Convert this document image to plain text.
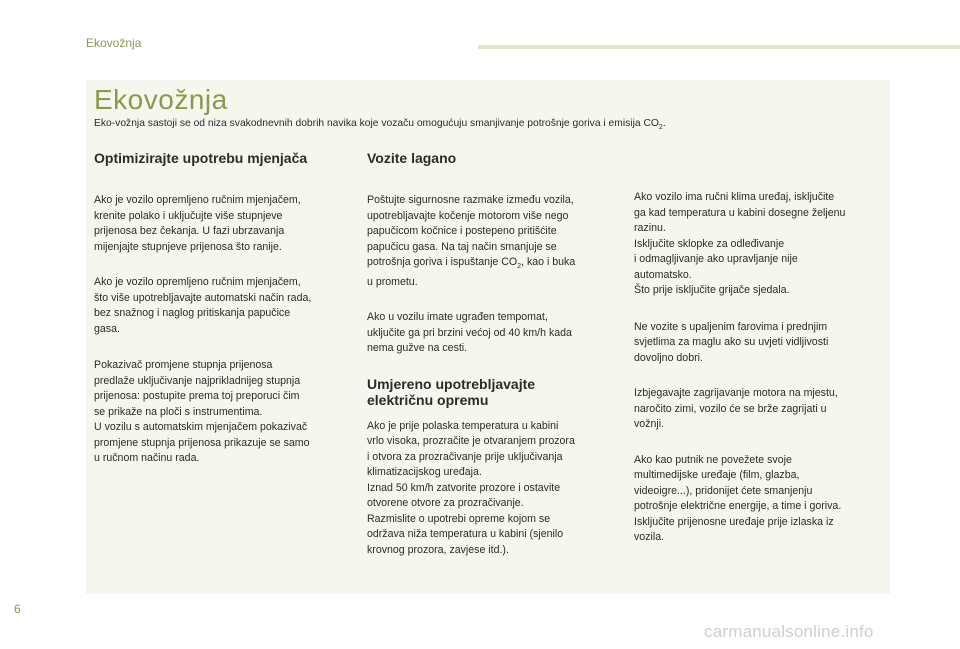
Ekovožnja
Ekovožnja

Eko-vožnja sastoji se od niza svakodnevnih dobrih navika koje vozaču omogućuju smanjivanje potrošnje goriva i emisija $CO_2$.

Optimizirajte upotrebu mjenjača

Ako je vozilo opremljeno ručnim mjenjačem,
krenite polako i uključujte više stupnjeve
prijenosa bez čekanja. U fazi ubrzavanja
mijenjajte stupnjeve prijenosa što ranije.

Ako je vozilo opremljeno ručnim mjenjačem,
što više upotrebljavajte automatski način rada,
bez snažnog i naglog pritiskanja papučice
gasa.

Pokazivač promjene stupnja prijenosa
predlaže uključivanje najprikladnijeg stupnja
prijenosa: postupite prema toj preporuci čim
se prikaže na ploči s instrumentima.
U vozilu s automatskim mjenjačem pokazivač
promjene stupnja prijenosa prikazuje se samo
u ručnom načinu rada.

Vozite lagano

Poštujte sigurnosne razmake između vozila,
upotrebljavajte kočenje motorom više nego
papučicom kočnice i postepeno pritišćite
papučicu gasa. Na taj način smanjuje se
potrošnja goriva i ispuštanje $CO_2$, kao i buka
u prometu.

Ako u vozilu imate ugrađen tempomat,
uključite ga pri brzini većoj od 40 km/h kada
nema gužve na cesti.

Umjereno upotrebljavajte
električnu opremu

Ako je prije polaska temperatura u kabini
vrlo visoka, prozračite je otvaranjem prozora
i otvora za prozračivanje prije uključivanja
klimatizacijskog uređaja.
Iznad 50 km/h zatvorite prozore i ostavite
otvorene otvore za prozračivanje.
Razmislite o upotrebi opreme kojom se
održava niža temperatura u kabini (sjenilo
krovnog prozora, zavjese itd.).

Ako vozilo ima ručni klima uređaj, isključite
ga kad temperatura u kabini dosegne željenu
razinu.
Isključite sklopke za odleđivanje
i odmagljivanje ako upravljanje nije
automatsko.
Što prije isključite grijače sjedala.

Ne vozite s upaljenim farovima i prednjim
svjetlima za maglu ako su uvjeti vidljivosti
dovoljno dobri.

Izbjegavajte zagrijavanje motora na mjestu,
naročito zimi, vozilo će se brže zagrijati u
vožnji.

Ako kao putnik ne povežete svoje
multimedijske uređaje (film, glazba,
videoigre...), pridonijet ćete smanjenju
potrošnje električne energije, a time i goriva.
Isključite prijenosne uređaje prije izlaska iz
vozila.

6
carmanualsonline.info
